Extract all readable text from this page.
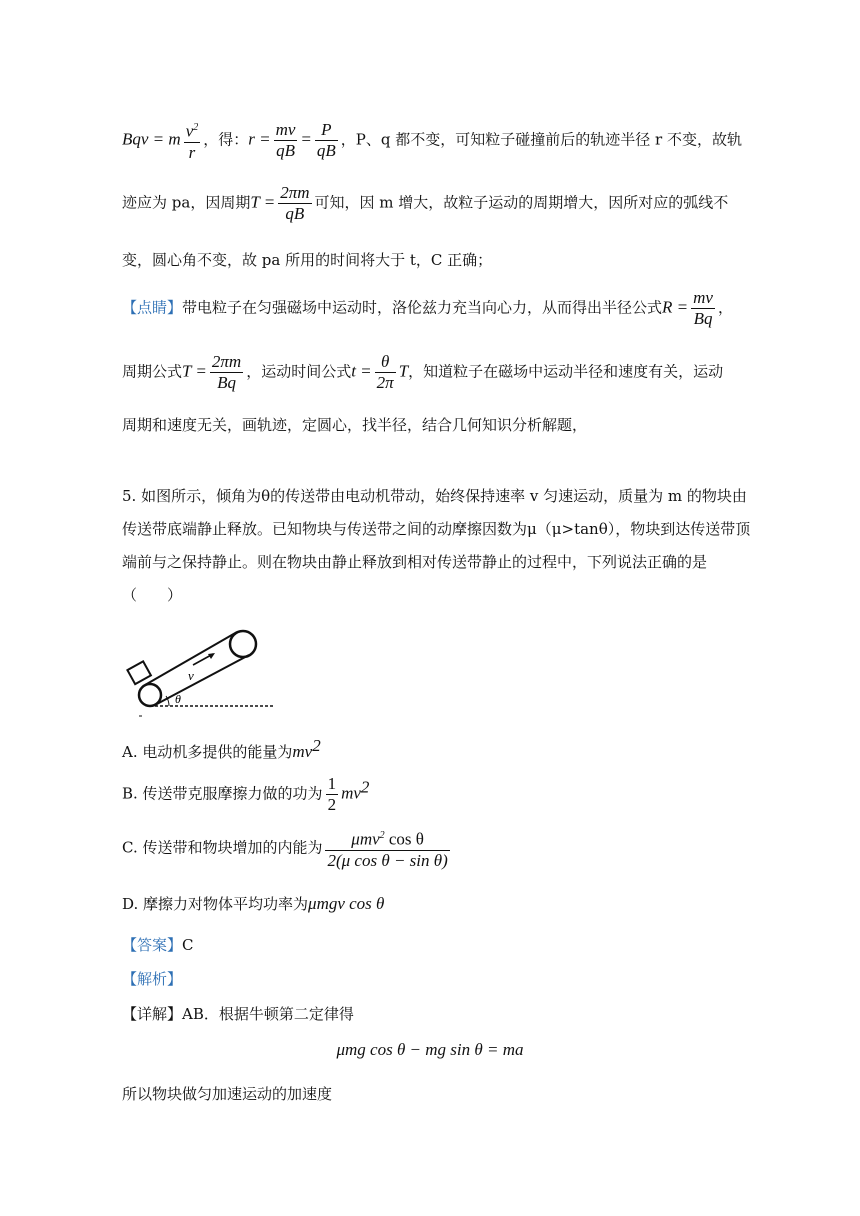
Bqv = m $\frac{v^2}{r}$ ，得：$r = \frac{mv}{qB} = \frac{P}{qB}$ ，P、q 都不变，可知粒子碰撞前后的轨迹半径 r 不变，故轨
迹应为 pa，因周期$T = \frac{2\pi m}{qB}$ 可知，因 m 增大，故粒子运动的周期增大，因所对应的弧线不
变，圆心角不变，故 pa 所用的时间将大于 t，C 正确；
【点睛】带电粒子在匀强磁场中运动时，洛伦兹力充当向心力，从而得出半径公式$R = \frac{mv}{Bq}$ ，
周期公式$T = \frac{2\pi m}{Bq}$ ，运动时间公式$t = \frac{\theta}{2\pi}$ T，知道粒子在磁场中运动半径和速度有关，运动
周期和速度无关，画轨迹，定圆心，找半径，结合几何知识分析解题，
5. 如图所示，倾角为θ的传送带由电动机带动，始终保持速率 v 匀速运动，质量为 m 的物块由
传送带底端静止释放。已知物块与传送带之间的动摩擦因数为μ（μ>tanθ），物块到达传送带顶
端前与之保持静止。则在物块由静止释放到相对传送带静止的过程中，下列说法正确的是
（　　）
v
θ
A. 电动机多提供的能量为$mv^2$
B. 传送带克服摩擦力做的功为 $\frac{1}{2} mv^2$
C. 传送带和物块增加的内能为 $\frac{\mu mv^2 \cos \theta}{\text{2(μ cos θ − sin θ)}}$
D. 摩擦力对物体平均功率为μmgv cos θ
【答案】C
【解析】
【详解】AB．根据牛顿第二定律得
μmg cos θ − mg sin θ = ma
所以物块做匀加速运动的加速度
